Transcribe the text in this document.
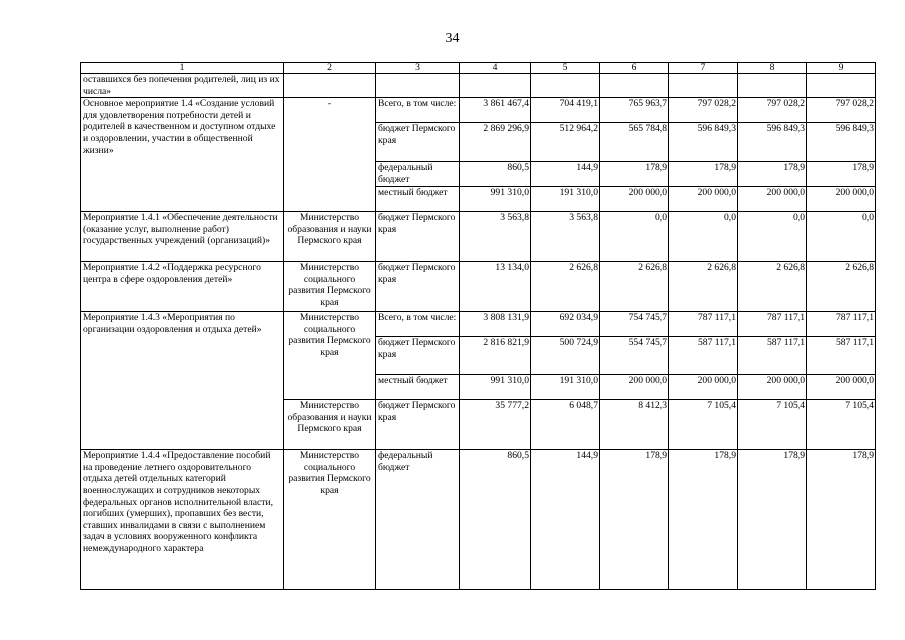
34
1	2	3	4	5	6	7	8	9
оставшихся без попечения родителей, лиц из их числа»								
Основное мероприятие 1.4 «Создание условий для удовлетворения потребности детей и родителей в качественном и доступном отдыхе и оздоровлении, участии в общественной жизни»	-	Всего, в том числе:	3 861 467,4	704 419,1	765 963,7	797 028,2	797 028,2	797 028,2
		бюджет Пермского края	2 869 296,9	512 964,2	565 784,8	596 849,3	596 849,3	596 849,3
		федеральный бюджет	860,5	144,9	178,9	178,9	178,9	178,9
		местный бюджет	991 310,0	191 310,0	200 000,0	200 000,0	200 000,0	200 000,0
Мероприятие 1.4.1 «Обеспечение деятельности (оказание услуг, выполнение работ) государственных учреждений (организаций)»	Министерство образования и науки Пермского края	бюджет Пермского края	3 563,8	3 563,8	0,0	0,0	0,0	0,0
Мероприятие 1.4.2 «Поддержка ресурсного центра в сфере оздоровления детей»	Министерство социального развития Пермского края	бюджет Пермского края	13 134,0	2 626,8	2 626,8	2 626,8	2 626,8	2 626,8
Мероприятие 1.4.3 «Мероприятия по организации оздоровления и отдыха детей»	Министерство социального развития Пермского края	Всего, в том числе:	3 808 131,9	692 034,9	754 745,7	787 117,1	787 117,1	787 117,1
		бюджет Пермского края	2 816 821,9	500 724,9	554 745,7	587 117,1	587 117,1	587 117,1
		местный бюджет	991 310,0	191 310,0	200 000,0	200 000,0	200 000,0	200 000,0
	Министерство образования и науки Пермского края	бюджет Пермского края	35 777,2	6 048,7	8 412,3	7 105,4	7 105,4	7 105,4
Мероприятие 1.4.4 «Предоставление пособий на проведение летнего оздоровительного отдыха детей отдельных категорий военнослужащих и сотрудников некоторых федеральных органов исполнительной власти, погибших (умерших), пропавших без вести, ставших инвалидами в связи с выполнением задач в условиях вооруженного конфликта немеждународного характера	Министерство социального развития Пермского края	федеральный бюджет	860,5	144,9	178,9	178,9	178,9	178,9
